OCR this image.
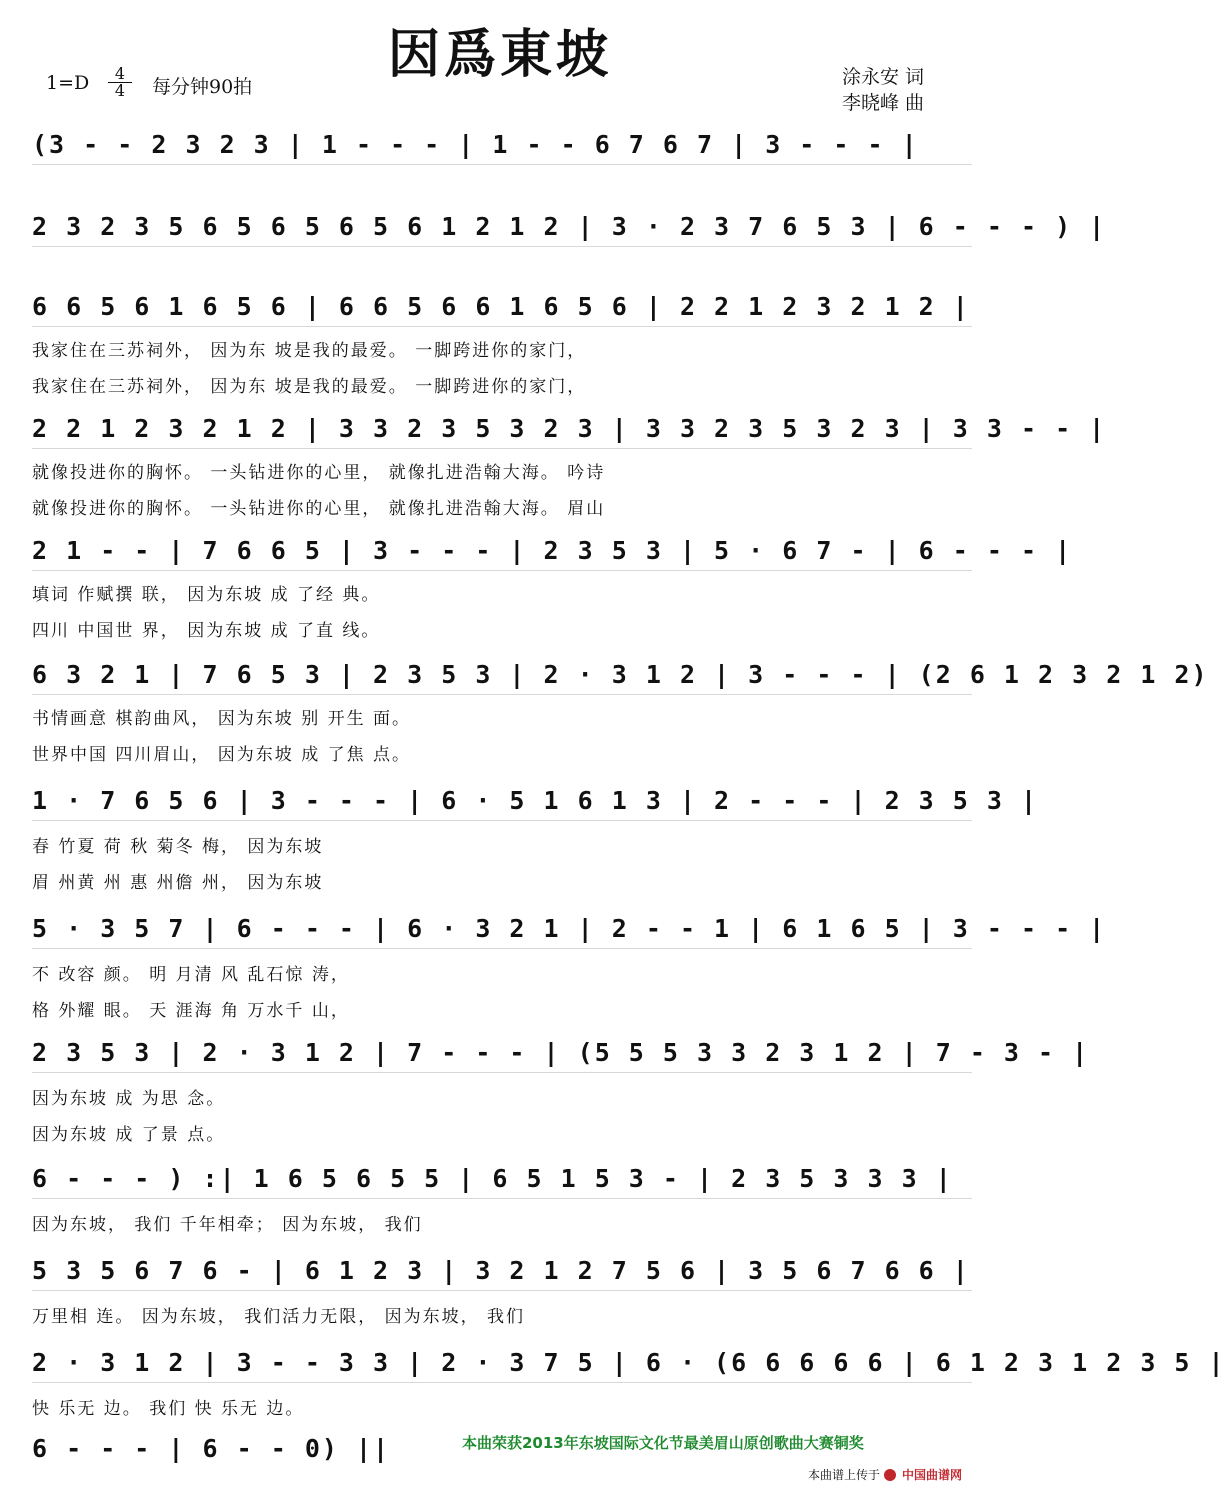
因爲東坡
1=D	4
4	每分钟90拍	涂永安 词
李晓峰 曲
(3 - - 2 3 2 3 | 1 - - - | 1 - - 6 7 6 7 | 3 - - - |
2 3 2 3 5 6 5 6 5 6 5 6 1 2 1 2 | 3 · 2 3 7 6 5 3 | 6 - - - ) |
6 6 5 6 1 6 5 6 | 6 6 5 6 6 1 6 5 6 | 2 2 1 2 3 2 1 2 |
我家住在三苏祠外， 因为东 坡是我的最爱。 一脚跨进你的家门，
我家住在三苏祠外， 因为东 坡是我的最爱。 一脚跨进你的家门，
2 2 1 2 3 2 1 2 | 3 3 2 3 5 3 2 3 | 3 3 2 3 5 3 2 3 | 3 3 - - |
就像投进你的胸怀。 一头钻进你的心里， 就像扎进浩翰大海。 吟诗
就像投进你的胸怀。 一头钻进你的心里， 就像扎进浩翰大海。 眉山
2 1 - - | 7 6 6 5 | 3 - - - | 2 3 5 3 | 5 · 6 7 - | 6 - - - |
填词 作赋撰 联， 因为东坡 成 了经 典。
四川 中国世 界， 因为东坡 成 了直 线。
6 3 2 1 | 7 6 5 3 | 2 3 5 3 | 2 · 3 1 2 | 3 - - - | (2 6 1 2 3 2 1 2)
书情画意 棋韵曲风， 因为东坡 别 开生 面。
世界中国 四川眉山， 因为东坡 成 了焦 点。
1 · 7 6 5 6 | 3 - - - | 6 · 5 1 6 1 3 | 2 - - - | 2 3 5 3 |
春 竹夏 荷 秋 菊冬 梅， 因为东坡
眉 州黄 州 惠 州儋 州， 因为东坡
5 · 3 5 7 | 6 - - - | 6 · 3 2 1 | 2 - - 1 | 6 1 6 5 | 3 - - - |
不 改容 颜。 明 月清 风 乱石惊 涛，
格 外耀 眼。 天 涯海 角 万水千 山，
2 3 5 3 | 2 · 3 1 2 | 7 - - - | (5 5 5 3 3 2 3 1 2 | 7 - 3 - |
因为东坡 成 为思 念。
因为东坡 成 了景 点。
6 - - - ) :| 1 6 5 6 5 5 | 6 5 1 5 3 - | 2 3 5 3 3 3 |
因为东坡， 我们 千年相牵； 因为东坡， 我们
5 3 5 6 7 6 - | 6 1 2 3 | 3 2 1 2 7 5 6 | 3 5 6 7 6 6 |
万里相 连。 因为东坡， 我们活力无限， 因为东坡， 我们
2 · 3 1 2 | 3 - - 3 3 | 2 · 3 7 5 | 6 · (6 6 6 6 6 | 6 1 2 3 1 2 3 5 |
快 乐无 边。 我们 快 乐无 边。
6 - - - | 6 - - 0) ||	本曲荣获2013年东坡国际文化节最美眉山原创歌曲大赛铜奖
本曲谱上传于 中国曲谱网
